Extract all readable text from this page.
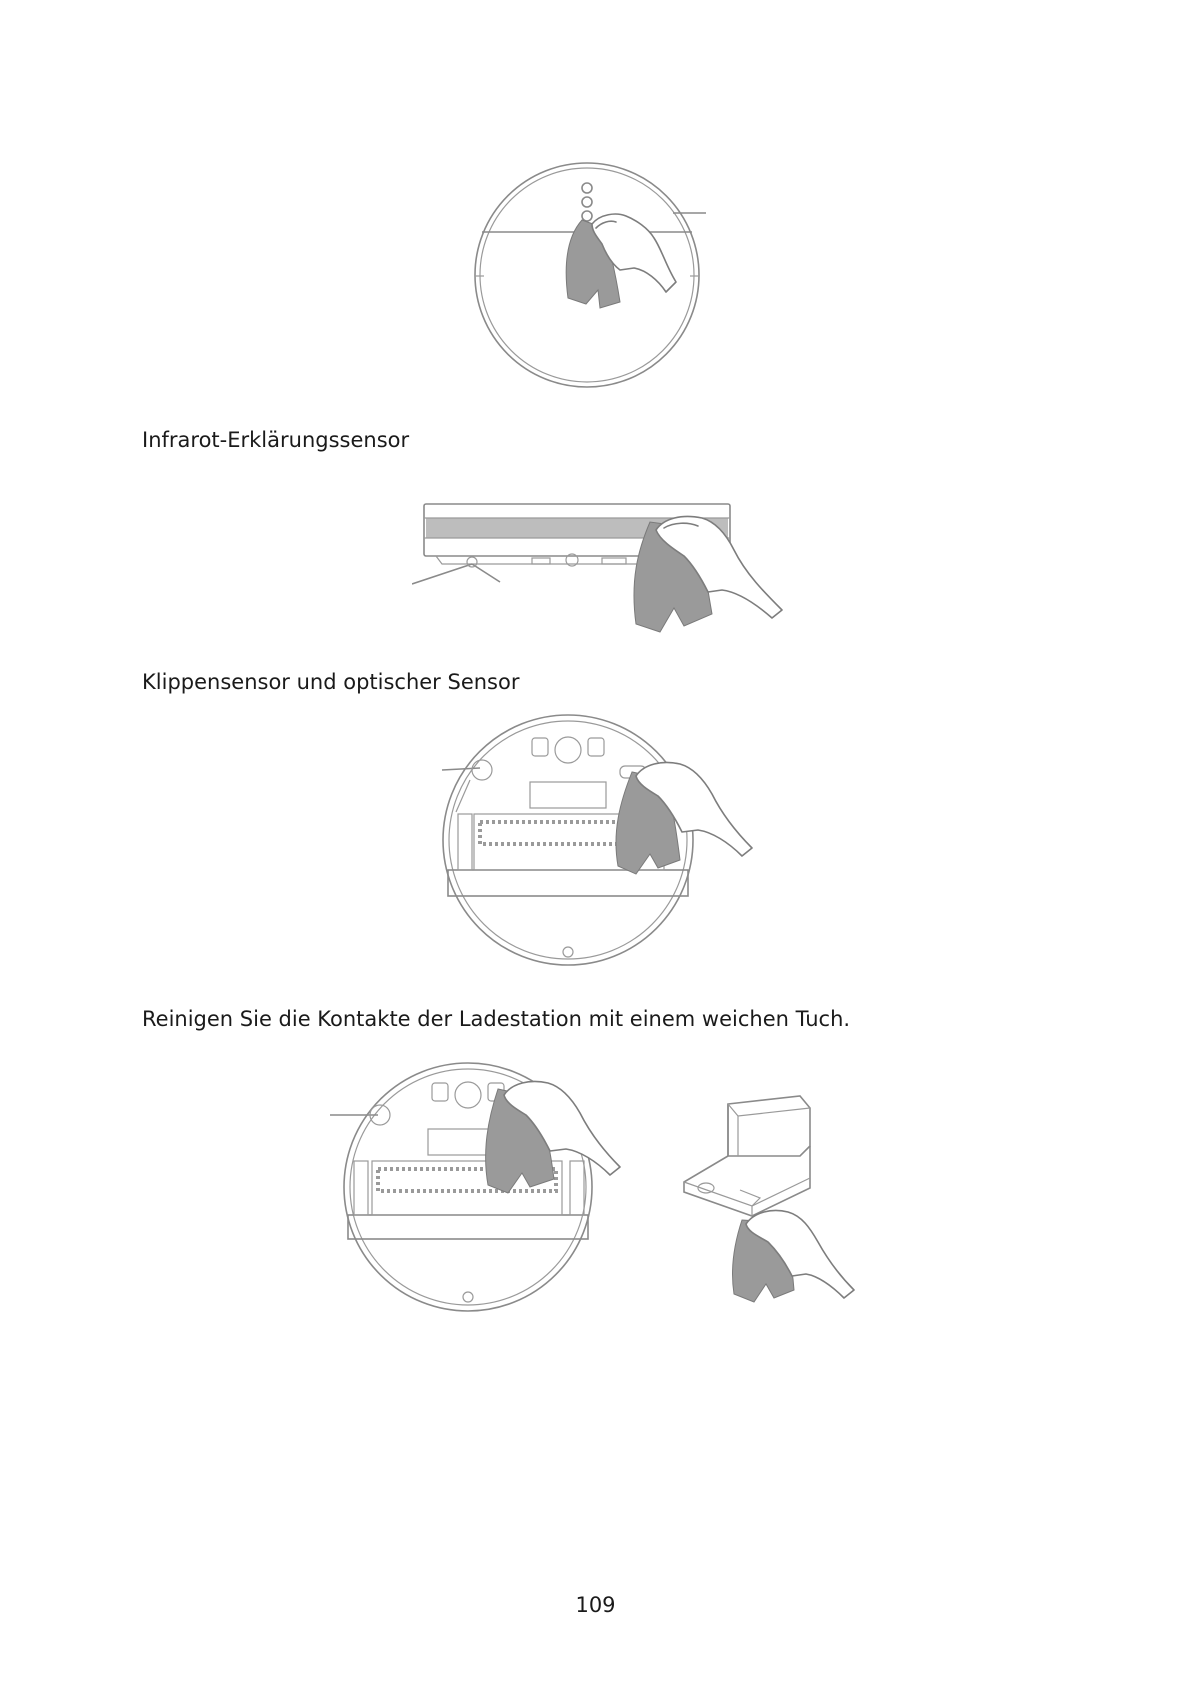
Infrarot-Erklärungssensor
Klippensensor und optischer Sensor
Reinigen Sie die Kontakte der Ladestation mit einem weichen Tuch.
109
